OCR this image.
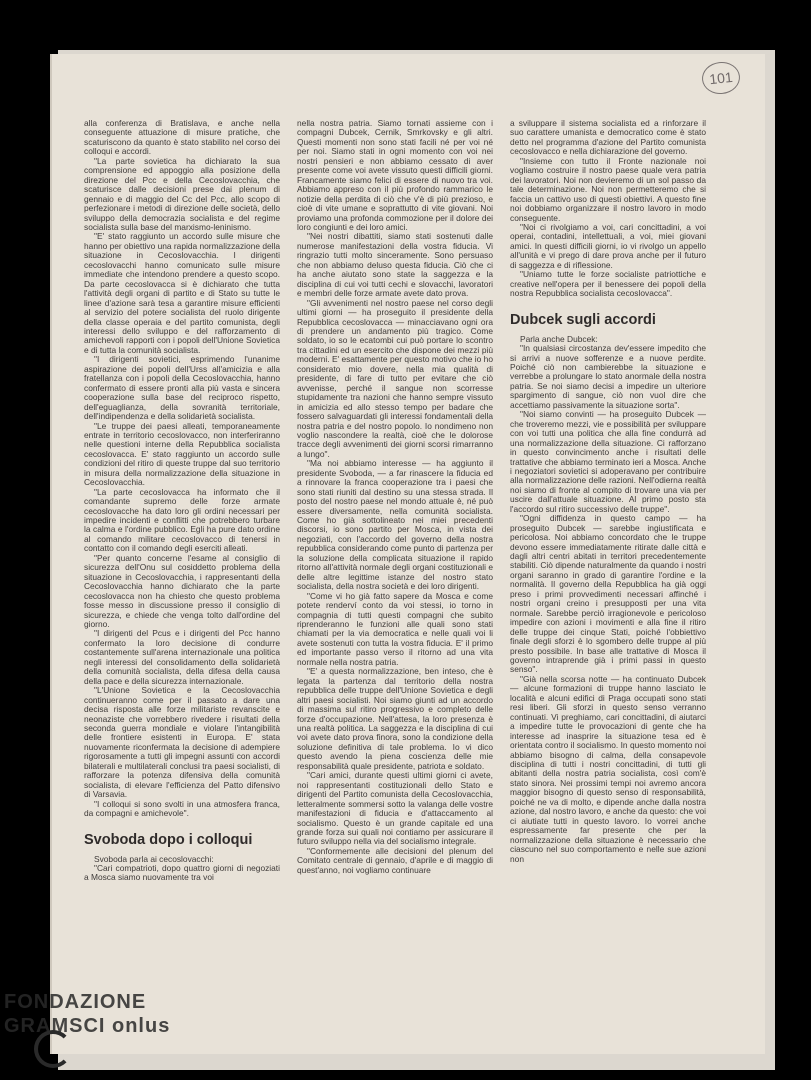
101

alla conferenza di Bratislava, e anche nella conseguente attuazione di misure pratiche, che scaturiscono da quanto è stato stabilito nel corso dei colloqui e accordi.

"La parte sovietica ha dichiarato la sua comprensione ed appoggio alla posizione della direzione del Pcc e della Cecoslovacchia, che scaturisce dalle decisioni prese dai plenum di gennaio e di maggio del Cc del Pcc, allo scopo di perfezionare i metodi di direzione delle società, dello sviluppo della democrazia socialista e del regime socialista sulla base del marxismo-leninismo.

"E' stato raggiunto un accordo sulle misure che hanno per obiettivo una rapida normalizzazione della situazione in Cecoslovacchia. I dirigenti cecoslovacchi hanno comunicato sulle misure immediate che intendono prendere a questo scopo. Da parte cecoslovacca si è dichiarato che tutta l'attività degli organi di partito e di Stato su tutte le linee d'azione sarà tesa a garantire misure efficienti al servizio del potere socialista del ruolo dirigente della classe operaia e del partito comunista, degli interessi dello sviluppo e del rafforzamento di amichevoli rapporti con i popoli dell'Unione Sovietica e di tutta la comunità socialista.

"I dirigenti sovietici, esprimendo l'unanime aspirazione dei popoli dell'Urss all'amicizia e alla fratellanza con i popoli della Cecoslovacchia, hanno confermato di essere pronti alla più vasta e sincera cooperazione sulla base del reciproco rispetto, dell'eguaglianza, della sovranità territoriale, dell'indipendenza e della solidarietà socialista.

"Le truppe dei paesi alleati, temporaneamente entrate in territorio cecoslovacco, non interferiranno nelle questioni interne della Repubblica socialista cecoslovacca. E' stato raggiunto un accordo sulle condizioni del ritiro di queste truppe dal suo territorio in misura della normalizzazione della situazione in Cecoslovacchia.

"La parte cecoslovacca ha informato che il comandante supremo delle forze armate cecoslovacche ha dato loro gli ordini necessari per impedire incidenti e conflitti che potrebbero turbare la calma e l'ordine pubblico. Egli ha pure dato ordine al comando militare cecoslovacco di tenersi in contatto con il comando degli eserciti alleati.

"Per quanto concerne l'esame al consiglio di sicurezza dell'Onu sul cosiddetto problema della situazione in Cecoslovacchia, i rappresentanti della Cecoslovacchia hanno dichiarato che la parte cecoslovacca non ha chiesto che questo problema fosse messo in discussione presso il consiglio di sicurezza, e chiede che venga tolto dall'ordine del giorno.

"I dirigenti del Pcus e i dirigenti del Pcc hanno confermato la loro decisione di condurre costantemente sull'arena internazionale una politica negli interessi del consolidamento della solidarietà della comunità socialista, della difesa della causa della pace e della sicurezza internazionale.

"L'Unione Sovietica e la Cecoslovacchia continueranno come per il passato a dare una decisa risposta alle forze militariste revanscite e neonaziste che vorrebbero rivedere i risultati della seconda guerra mondiale e violare l'intangibilità delle frontiere esistenti in Europa. E' stata nuovamente riconfermata la decisione di adempiere rigorosamente a tutti gli impegni assunti con accordi bilaterali e multilaterali conclusi tra paesi socialisti, di rafforzare la potenza difensiva della comunità socialista, di elevare l'efficienza del Patto difensivo di Varsavia.

"I colloqui si sono svolti in una atmosfera franca, da compagni e amichevole".

Svoboda dopo i colloqui

Svoboda parla ai cecoslovacchi:

"Cari compatrioti, dopo quattro giorni di negoziati a Mosca siamo nuovamente tra voi

nella nostra patria. Siamo tornati assieme con i compagni Dubcek, Cernik, Smrkovsky e gli altri. Questi momenti non sono stati facili né per voi né per noi. Siamo stati in ogni momento con voi nei nostri pensieri e non abbiamo cessato di aver presente come voi avete vissuto questi difficili giorni. Francamente siamo felici di essere di nuovo tra voi. Abbiamo appreso con il più profondo rammarico le notizie della perdita di ciò che v'è di più prezioso, e cioè di vite umane e soprattutto di vite giovani. Noi proviamo una profonda commozione per il dolore dei loro congiunti e dei loro amici.

"Nei nostri dibattiti, siamo stati sostenuti dalle numerose manifestazioni della vostra fiducia. Vi ringrazio tutti molto sinceramente. Sono persuaso che non abbiamo deluso questa fiducia. Ciò che ci ha anche aiutato sono state la saggezza e la disciplina di cui voi tutti cechi e slovacchi, lavoratori e membri delle forze armate avete dato prova.

"Gli avvenimenti nel nostro paese nel corso degli ultimi giorni — ha proseguito il presidente della Repubblica cecoslovacca — minacciavano ogni ora di prendere un andamento più tragico. Come soldato, io so le ecatombi cui può portare lo scontro tra cittadini ed un esercito che dispone dei mezzi più moderni. E' esattamente per questo motivo che io ho considerato mio dovere, nella mia qualità di presidente, di fare di tutto per evitare che ciò avvenisse, perché il sangue non scorresse stupidamente tra nazioni che hanno sempre vissuto in amicizia ed allo stesso tempo per badare che fossero salvaguardati gli interessi fondamentali della nostra patria e del nostro popolo. Io nondimeno non voglio nascondere la realtà, cioè che le dolorose tracce degli avvenimenti dei giorni scorsi rimarranno a lungo".

"Ma noi abbiamo interesse — ha aggiunto il presidente Svoboda, — a far rinascere la fiducia ed a rinnovare la franca cooperazione tra i paesi che sono stati riuniti dal destino su una stessa strada. Il posto del nostro paese nel mondo attuale è, né può essere diversamente, nella comunità socialista. Come ho già sottolineato nei miei precedenti discorsi, io sono partito per Mosca, in vista dei negoziati, con l'accordo del governo della nostra repubblica considerando come punto di partenza per la soluzione della complicata situazione il rapido ritorno all'attività normale degli organi costituzionali e delle altre legittime istanze del nostro stato socialista, della nostra società e dei loro dirigenti.

"Come vi ho già fatto sapere da Mosca e come potete renderví conto da voi stessi, io torno in compagnia di tutti questi compagni che subito riprenderanno le funzioni alle quali sono stati chiamati per la via democratica e nelle quali voi li avete sostenuti con tutta la vostra fiducia. E' il primo ed importante passo verso il ritorno ad una vita normale nella nostra patria.

"E' a questa normalizzazione, ben inteso, che è legata la partenza dal territorio della nostra repubblica delle truppe dell'Unione Sovietica e degli altri paesi socialisti. Noi siamo giunti ad un accordo di massima sul ritiro progressivo e completo delle forze d'occupazione. Nell'attesa, la loro presenza è una realtà politica. La saggezza e la disciplina di cui voi avete dato prova finora, sono la condizione della soluzione definitiva di tale problema. Io vi dico questo avendo la piena coscienza delle mie responsabilità quale presidente, patriota e soldato.

"Cari amici, durante questi ultimi giorni ci avete, noi rappresentanti costituzionali dello Stato e dirigenti del Partito comunista della Cecoslovacchia, letteralmente sommersi sotto la valanga delle vostre manifestazioni di fiducia e d'attaccamento al socialismo. Questo è un grande capitale ed una grande forza sui quali noi contiamo per assicurare il futuro sviluppo nella via del socialismo integrale.

"Conformemente alle decisioni del plenum del Comitato centrale di gennaio, d'aprile e di maggio di quest'anno, noi vogliamo continuare

a sviluppare il sistema socialista ed a rinforzare il suo carattere umanista e democratico come è stato detto nel programma d'azione del Partito comunista cecoslovacco e nella dichiarazione del governo.

"Insieme con tutto il Fronte nazionale noi vogliamo costruire il nostro paese quale vera patria dei lavoratori. Noi non devieremo di un sol passo da tale determinazione. Noi non permetteremo che si faccia un cattivo uso di questi obiettivi. A questo fine noi dobbiamo organizzare il nostro lavoro in modo conseguente.

"Noi ci rivolgiamo a voi, cari concittadini, a voi operai, contadini, intellettuali, a voi, miei giovani amici. In questi difficili giorni, io vi rivolgo un appello all'unità e vi prego di dare prova anche per il futuro di saggezza e di riflessione.

"Uniamo tutte le forze socialiste patriottiche e creative nell'opera per il benessere dei popoli della nostra Repubblica socialista cecoslovacca".

Dubcek sugli accordi

Parla anche Dubcek:

"In qualsiasi circostanza dev'essere impedito che si arrivi a nuove sofferenze e a nuove perdite. Poiché ciò non cambierebbe la situazione e verrebbe a prolungare lo stato anormale della nostra patria. Se noi siamo decisi a impedire un ulteriore spargimento di sangue, ciò non vuol dire che accettiamo passivamente la situazione sorta".

"Noi siamo convinti — ha proseguito Dubcek — che troveremo mezzi, vie e possibilità per sviluppare con voi tutti una politica che alla fine condurrà ad una normalizzazione della situazione. Ci rafforzano in questo convincimento anche i risultati delle trattative che abbiamo terminato ieri a Mosca. Anche i negoziatori sovietici si adoperavano per contribuire alla normalizzazione delle razioni. Nell'odierna realtà noi siamo di fronte al compito di trovare una via per uscire dall'attuale situazione. Al primo posto sta l'accordo sul ritiro successivo delle truppe".

"Ogni diffidenza in questo campo — ha proseguito Dubcek — sarebbe ingiustificata e pericolosa. Noi abbiamo concordato che le truppe devono essere immediatamente ritirate dalle città e dagli altri centri abitati in territori precedentemente stabiliti. Ciò dipende naturalmente da quando i nostri organi saranno in grado di garantire l'ordine e la normalità. Il governo della Repubblica ha già oggi preso i primi provvedimenti necessari affinché i nostri organi creino i presupposti per una vita normale. Sarebbe perciò irragionevole e pericoloso impedire con azioni i movimenti e alla fine il ritiro delle truppe dei cinque Stati, poiché l'obbiettivo finale degli sforzi è lo sgombero delle truppe al più presto possibile. In base alle trattative di Mosca il governo intraprende già i primi passi in questo senso".

"Già nella scorsa notte — ha continuato Dubcek — alcune formazioni di truppe hanno lasciato le località e alcuni edifici di Praga occupati sono stati resi liberi. Gli sforzi in questo senso verranno continuati. Vi preghiamo, cari concittadini, di aiutarci a impedire tutte le provocazioni di gente che ha interesse ad inasprire la situazione tesa ed è orientata contro il socialismo. In questo momento noi abbiamo bisogno di calma, della consapevole disciplina di tutti i nostri concittadini, di tutti gli abitanti della nostra patria socialista, così com'è stato sinora. Nei prossimi tempi noi avremo ancora maggior bisogno di questo senso di responsabilità, poiché ne va di molto, e dipende anche dalla nostra azione, dal nostro lavoro, e anche da questo: che voi ci aiutiate tutti in questo lavoro. Io vorrei anche espressamente far presente che per la normalizzazione della situazione è necessario che ciascuno nel suo comportamento e nelle sue azioni non

FONDAZIONE GRAMSCI onlus
